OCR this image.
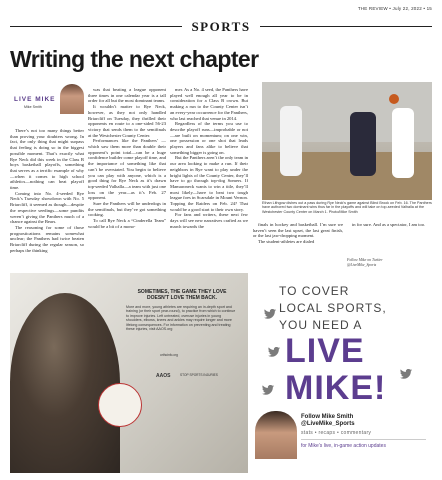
THE REVIEW • July 22, 2022 • 15
SPORTS
Writing the next chapter
LIVE MIKE
Mike Smith

There’s not too many things better than proving your doubters wrong. In fact, the only thing that might surpass that feeling is doing so in the biggest possible moment. That’s exactly what Rye Neck did this week in the Class B boys basketball playoffs, something that serves as a terrific example of why—when it comes to high school athletics—nothing can beat playoff time.

Coming into No. 4-seeded Rye Neck’s Tuesday showdown with No. 5 Briarcliff, it seemed as though—despite the respective seedings—some pundits weren’t giving the Panthers much of a chance against the Bears.

The reasoning for some of those prognostications remains somewhat unclear; the Panthers had twice beaten Briarcliff during the regular season, so perhaps the thinking

was that beating a league opponent three times in one calendar year is a tall order for all but the most dominant teams.

It wouldn’t matter to Rye Neck, however, as they not only handled Briarcliff on Tuesday, they thrilled their opponents en route to a one-sided 56-23 victory that sends them to the semifinals at the Westchester County Center.

Performances like the Panthers’ —which saw them more than double their opponent’s point total—can be a huge confidence builder come playoff time, and the importance of something like that can’t be overstated. You begin to believe you can play with anyone, which is a good thing for Rye Neck as it’s drawn top-seeded Valhalla—a team with just one loss on the year—as it’s Feb. 27 opponent.

Sure the Panthers will be underdogs in the semifinals, but they’ve got something cooking.

To call Rye Neck a “Cinderella Team” would be a bit of a mono-

mer. As a No. 4 seed, the Panthers have played well enough all year to be in consideration for a Class B crown. But making a run to the County Center isn’t an every-year occurrence for the Panthers, who last reached that venue in 2014.

Regardless of the terms you use to describe playoff runs—improbable or not—are built on momentum; on one win, one possession or one shot that leads players and fans alike to believe that something bigger is going on.

But the Panthers aren’t the only team in our area looking to make a run. If their neighbors in Rye want to play under the bright lights of the County Center, they’ll have to go through top-dog Somers. If Mamaroneck wants to win a title, they’ll most likely—have to beat two tough league foes in Scarsdale in Mount Vernon. Topping the Raiders on Feb. 24? That would be a good start to their own story.

For fans and writers, these next few days will see new narratives crafted as we march towards the

Ethan Lithgow dishes out a pass during Rye Neck’s game against Blind Brook on Feb. 16. The Panthers have authored two dominant wins thus far in the playoffs and will take on top-seeded Valhalla at the Westchester County Center on March 1. Photo/Mike Smith

finals in hockey and basketball. I’m sure we haven’t seen the last upset, the last great finish, or the last jaw-dropping moment.

The student-athletes are dialed

in for sure. And as a spectator, I am too.

Follow Mike on Twitter
@LiveMike_Sports
SOMETIMES, THE GAME THEY LOVE DOESN’T LOVE THEM BACK.
More and more, young athletes are requiring an in-depth sport and training (or their sport year-round), to practice from which to continue to improve injuries. Left untreated, overuse injuries in young shoulders, elbows, knees and ankles may require longer and more lifelong consequences. For information on preventing and treating these injuries, visit AAOS.org
orthoinfo.org
AAOS	STOP SPORTS INJURIES
TO COVER
LOCAL SPORTS,
YOU NEED A
LIVE
MIKE!
Follow Mike Smith
@LiveMike_Sports
stats • recaps • commentary
for Mike’s live, in-game action updates
